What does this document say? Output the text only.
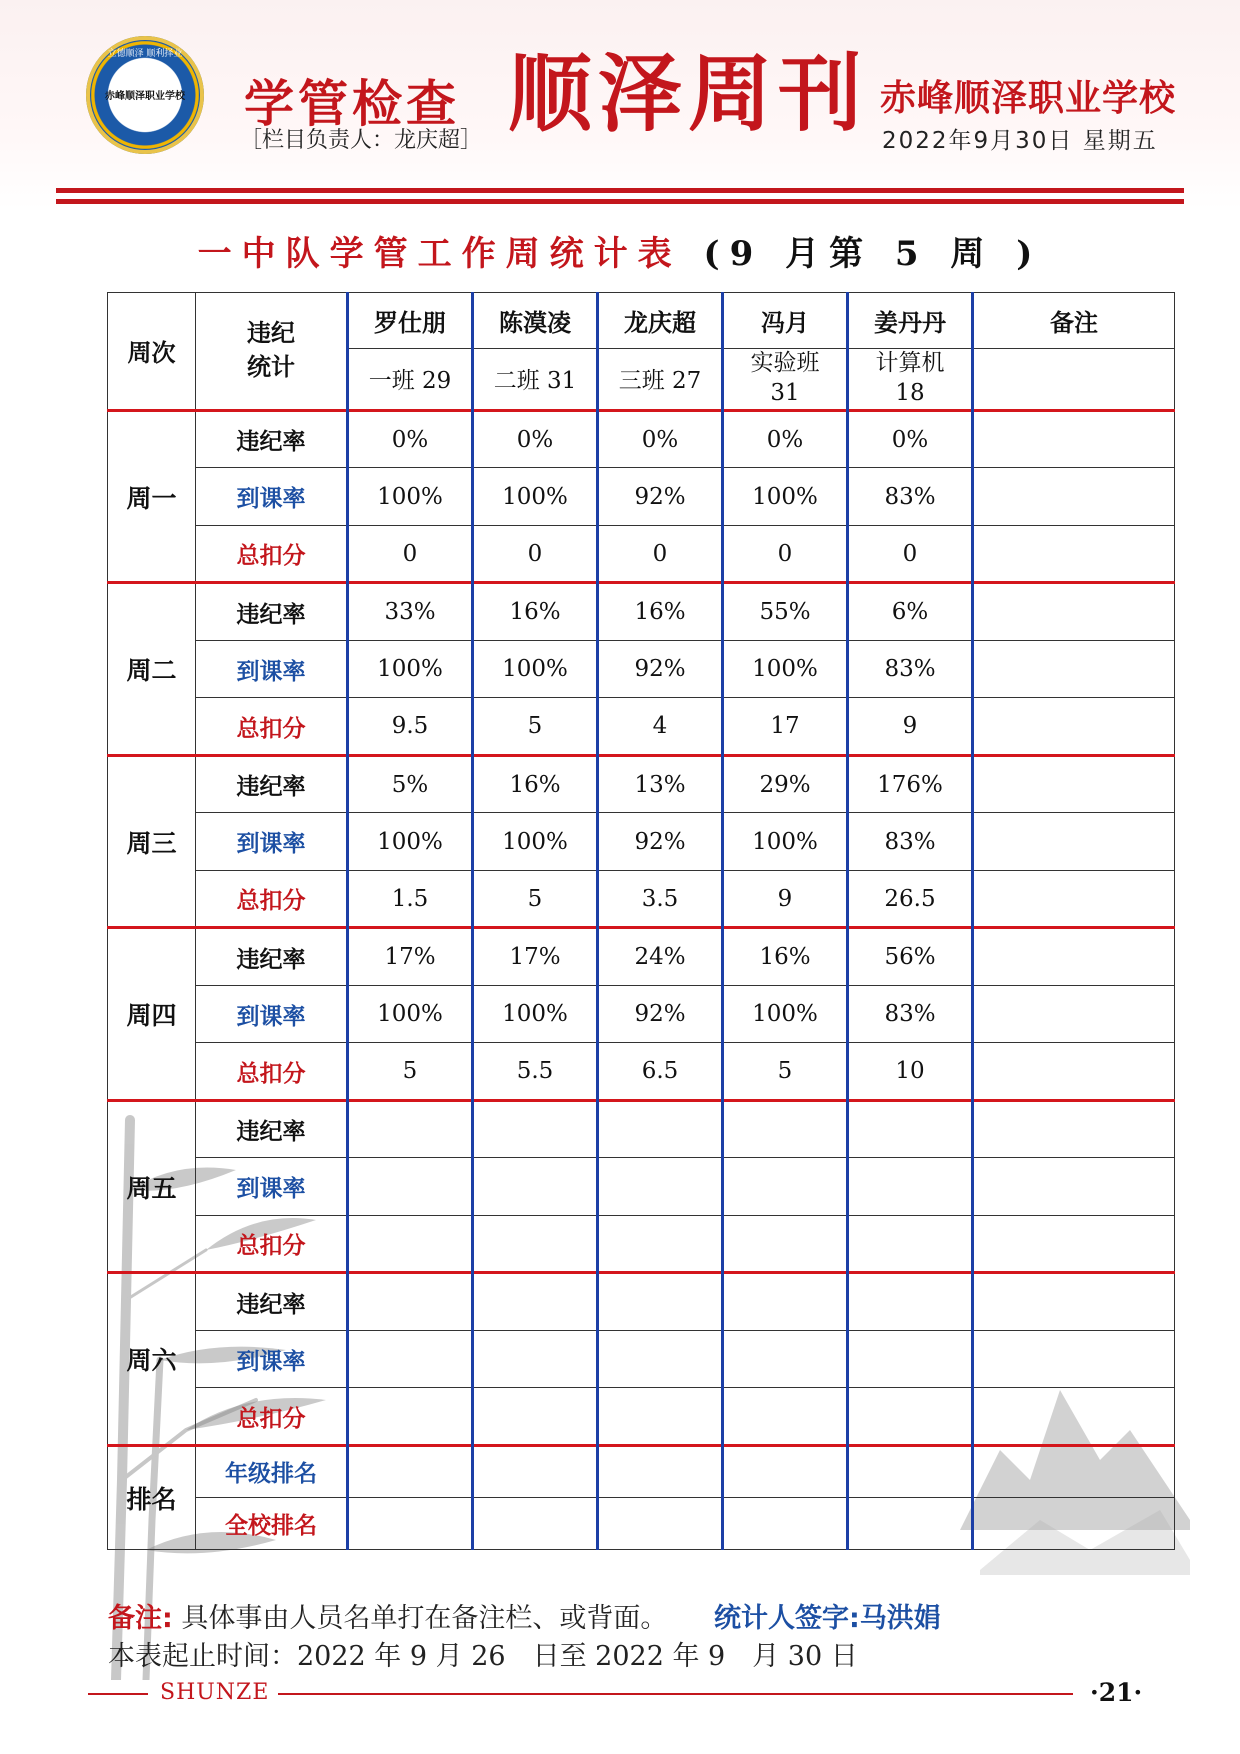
立德顺泽 顺利择业
赤峰顺泽职业学校 学管检查
［栏目负责人：龙庆超］ 顺泽周刊 赤峰顺泽职业学校
2022年9月30日 星期五
一中队学管工作周统计表 (9 月第 5 周 )
周次	违纪统计	罗仕朋	陈漠凌	龙庆超	冯月	姜丹丹	备注
		一班 29	二班 31	三班 27	实验班 31	计算机 18	
周一	违纪率	0%	0%	0%	0%	0%	
	到课率	100%	100%	92%	100%	83%	
	总扣分	0	0	0	0	0	
周二	违纪率	33%	16%	16%	55%	6%	
	到课率	100%	100%	92%	100%	83%	
	总扣分	9.5	5	4	17	9	
周三	违纪率	5%	16%	13%	29%	176%	
	到课率	100%	100%	92%	100%	83%	
	总扣分	1.5	5	3.5	9	26.5	
周四	违纪率	17%	17%	24%	16%	56%	
	到课率	100%	100%	92%	100%	83%	
	总扣分	5	5.5	6.5	5	10	
周五	违纪率						
	到课率						
	总扣分						
周六	违纪率						
	到课率						
	总扣分						
排名	年级排名						
	全校排名						
备注: 具体事由人员名单打在备注栏、或背面。 统计人签字:马洪娟
本表起止时间：2022 年 9 月 26　日至 2022 年 9　月 30 日
SHUNZE	·21·
